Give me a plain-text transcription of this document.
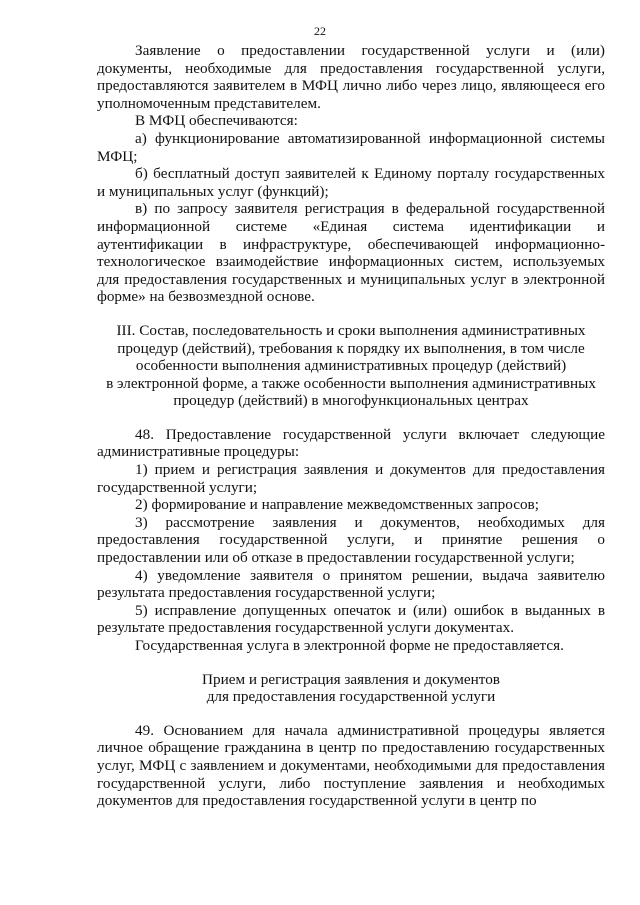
22

Заявление о предоставлении государственной услуги и (или) документы, необходимые для предоставления государственной услуги, предоставляются заявителем в МФЦ лично либо через лицо, являющееся его уполномоченным представителем.

В МФЦ обеспечиваются:

а) функционирование автоматизированной информационной системы МФЦ;

б) бесплатный доступ заявителей к Единому порталу государственных и муниципальных услуг (функций);

в) по запросу заявителя регистрация в федеральной государственной информационной системе «Единая система идентификации и аутентификации в инфраструктуре, обеспечивающей информационно-технологическое взаимодействие информационных систем, используемых для предоставления государственных и муниципальных услуг в электронной форме» на безвозмездной основе.

III. Состав, последовательность и сроки выполнения административных
процедур (действий), требования к порядку их выполнения, в том числе
особенности выполнения административных процедур (действий)
в электронной форме, а также особенности выполнения административных
процедур (действий) в многофункциональных центрах

48. Предоставление государственной услуги включает следующие административные процедуры:

1) прием и регистрация заявления и документов для предоставления государственной услуги;

2) формирование и направление межведомственных запросов;

3) рассмотрение заявления и документов, необходимых для предоставления государственной услуги, и принятие решения о предоставлении или об отказе в предоставлении государственной услуги;

4) уведомление заявителя о принятом решении, выдача заявителю результата предоставления государственной услуги;

5) исправление допущенных опечаток и (или) ошибок в выданных в результате предоставления государственной услуги документах.

Государственная услуга в электронной форме не предоставляется.

Прием и регистрация заявления и документов
для предоставления государственной услуги

49. Основанием для начала административной процедуры является личное обращение гражданина в центр по предоставлению государственных услуг, МФЦ с заявлением и документами, необходимыми для предоставления государственной услуги, либо поступление заявления и необходимых документов для предоставления государственной услуги в центр по
